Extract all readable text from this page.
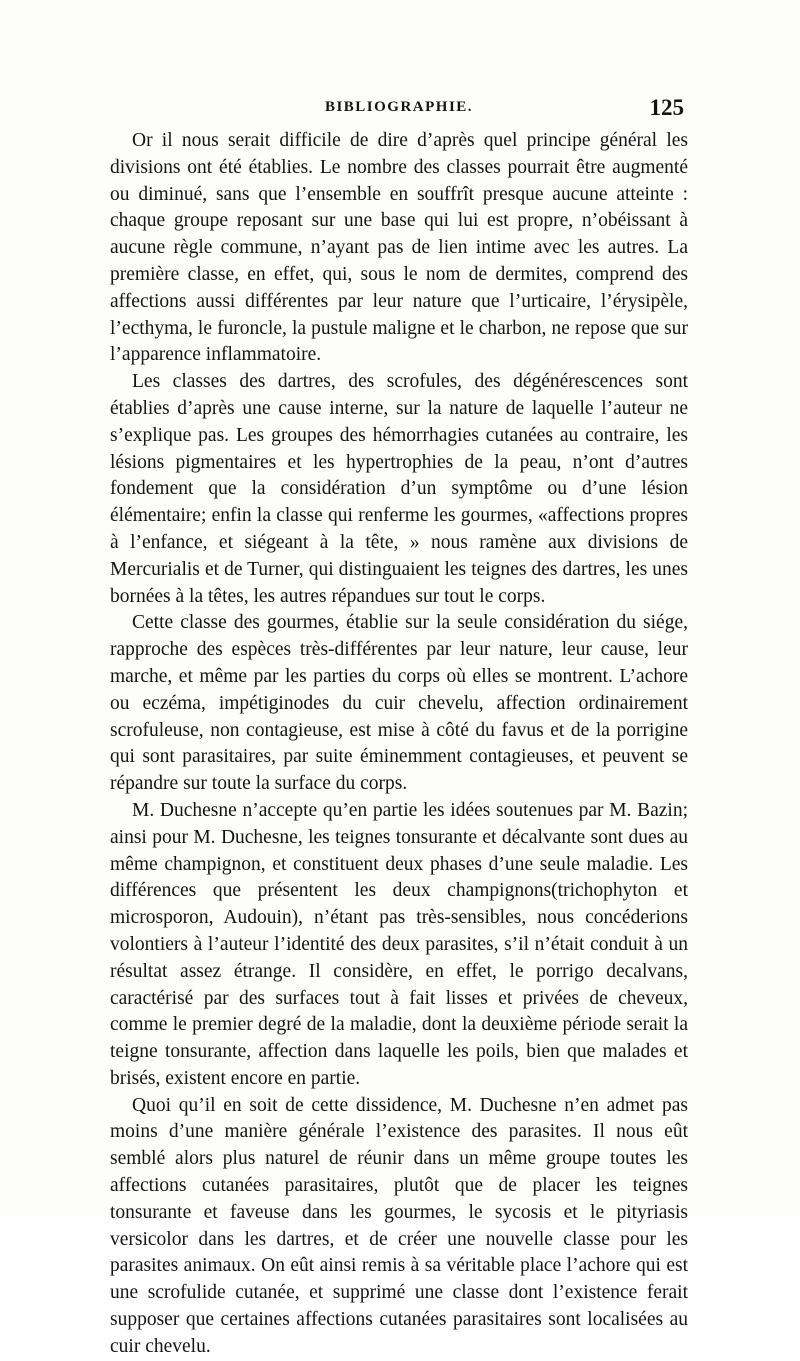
BIBLIOGRAPHIE.	125

Or il nous serait difficile de dire d’après quel principe général les divisions ont été établies. Le nombre des classes pourrait être augmenté ou diminué, sans que l’ensemble en souffrît presque aucune atteinte : chaque groupe reposant sur une base qui lui est propre, n’obéissant à aucune règle commune, n’ayant pas de lien intime avec les autres. La première classe, en effet, qui, sous le nom de dermites, comprend des affections aussi différentes par leur nature que l’urticaire, l’érysipèle, l’ecthyma, le furoncle, la pustule maligne et le charbon, ne repose que sur l’apparence inflammatoire.

Les classes des dartres, des scrofules, des dégénérescences sont établies d’après une cause interne, sur la nature de laquelle l’auteur ne s’explique pas. Les groupes des hémorrhagies cutanées au contraire, les lésions pigmentaires et les hypertrophies de la peau, n’ont d’autres fondement que la considération d’un symptôme ou d’une lésion élémentaire; enfin la classe qui renferme les gourmes, «affections propres à l’enfance, et siégeant à la tête, » nous ramène aux divisions de Mercurialis et de Turner, qui distinguaient les teignes des dartres, les unes bornées à la têtes, les autres répandues sur tout le corps.

Cette classe des gourmes, établie sur la seule considération du siége, rapproche des espèces très-différentes par leur nature, leur cause, leur marche, et même par les parties du corps où elles se montrent. L’achore ou eczéma, impétiginodes du cuir chevelu, affection ordinairement scrofuleuse, non contagieuse, est mise à côté du favus et de la porrigine qui sont parasitaires, par suite éminemment contagieuses, et peuvent se répandre sur toute la surface du corps.

M. Duchesne n’accepte qu’en partie les idées soutenues par M. Bazin; ainsi pour M. Duchesne, les teignes tonsurante et décalvante sont dues au même champignon, et constituent deux phases d’une seule maladie. Les différences que présentent les deux champignons(trichophyton et microsporon, Audouin), n’étant pas très-sensibles, nous concéderions volontiers à l’auteur l’identité des deux parasites, s’il n’était conduit à un résultat assez étrange. Il considère, en effet, le porrigo decalvans, caractérisé par des surfaces tout à fait lisses et privées de cheveux, comme le premier degré de la maladie, dont la deuxième période serait la teigne tonsurante, affection dans laquelle les poils, bien que malades et brisés, existent encore en partie.

Quoi qu’il en soit de cette dissidence, M. Duchesne n’en admet pas moins d’une manière générale l’existence des parasites. Il nous eût semblé alors plus naturel de réunir dans un même groupe toutes les affections cutanées parasitaires, plutôt que de placer les teignes tonsurante et faveuse dans les gourmes, le sycosis et le pityriasis versicolor dans les dartres, et de créer une nouvelle classe pour les parasites animaux. On eût ainsi remis à sa véritable place l’achore qui est une scrofulide cutanée, et supprimé une classe dont l’existence ferait supposer que certaines affections cutanées parasitaires sont localisées au cuir chevelu.
